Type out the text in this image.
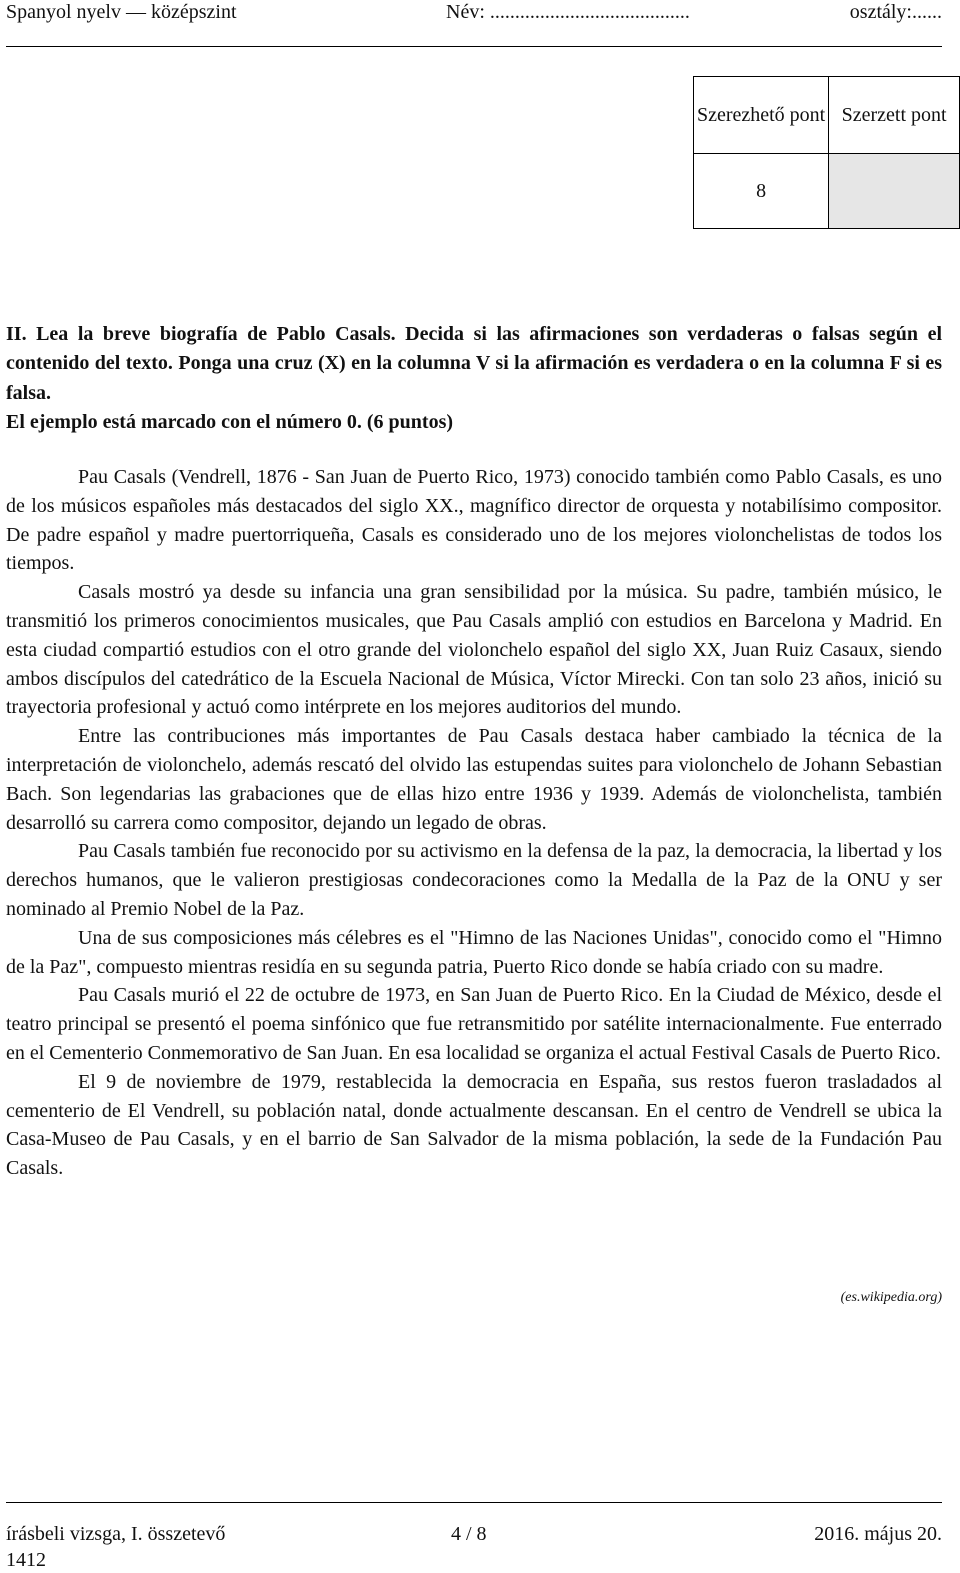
Spanyol nyelv — középszint	Név: ........................................	osztály:......
Szerezhető pont	Szerzett pont
8	

II. Lea la breve biografía de Pablo Casals. Decida si las afirmaciones son verdaderas o falsas según el contenido del texto. Ponga una cruz (X) en la columna V si la afirmación es verdadera o en la columna F si es falsa.

El ejemplo está marcado con el número 0. (6 puntos)

Pau Casals (Vendrell, 1876 - San Juan de Puerto Rico, 1973) conocido también como Pablo Casals, es uno de los músicos españoles más destacados del siglo XX., magnífico director de orquesta y notabilísimo compositor. De padre español y madre puertorriqueña, Casals es considerado uno de los mejores violonchelistas de todos los tiempos.

Casals mostró ya desde su infancia una gran sensibilidad por la música. Su padre, también músico, le transmitió los primeros conocimientos musicales, que Pau Casals amplió con estudios en Barcelona y Madrid. En esta ciudad compartió estudios con el otro grande del violonchelo español del siglo XX, Juan Ruiz Casaux, siendo ambos discípulos del catedrático de la Escuela Nacional de Música, Víctor Mirecki. Con tan solo 23 años, inició su trayectoria profesional y actuó como intérprete en los mejores auditorios del mundo.

Entre las contribuciones más importantes de Pau Casals destaca haber cambiado la técnica de la interpretación de violonchelo, además rescató del olvido las estupendas suites para violonchelo de Johann Sebastian Bach. Son legendarias las grabaciones que de ellas hizo entre 1936 y 1939. Además de violonchelista, también desarrolló su carrera como compositor, dejando un legado de obras.

Pau Casals también fue reconocido por su activismo en la defensa de la paz, la democracia, la libertad y los derechos humanos, que le valieron prestigiosas condecoraciones como la Medalla de la Paz de la ONU y ser nominado al Premio Nobel de la Paz.

Una de sus composiciones más célebres es el "Himno de las Naciones Unidas", conocido como el "Himno de la Paz", compuesto mientras residía en su segunda patria, Puerto Rico donde se había criado con su madre.

Pau Casals murió el 22 de octubre de 1973, en San Juan de Puerto Rico. En la Ciudad de México, desde el teatro principal se presentó el poema sinfónico que fue retransmitido por satélite internacionalmente. Fue enterrado en el Cementerio Conmemorativo de San Juan. En esa localidad se organiza el actual Festival Casals de Puerto Rico.

El 9 de noviembre de 1979, restablecida la democracia en España, sus restos fueron trasladados al cementerio de El Vendrell, su población natal, donde actualmente descansan. En el centro de Vendrell se ubica la Casa-Museo de Pau Casals, y en el barrio de San Salvador de la misma población, la sede de la Fundación Pau Casals.

(es.wikipedia.org)
írásbeli vizsga, I. összetevő	4 / 8	2016. május 20.
1412
